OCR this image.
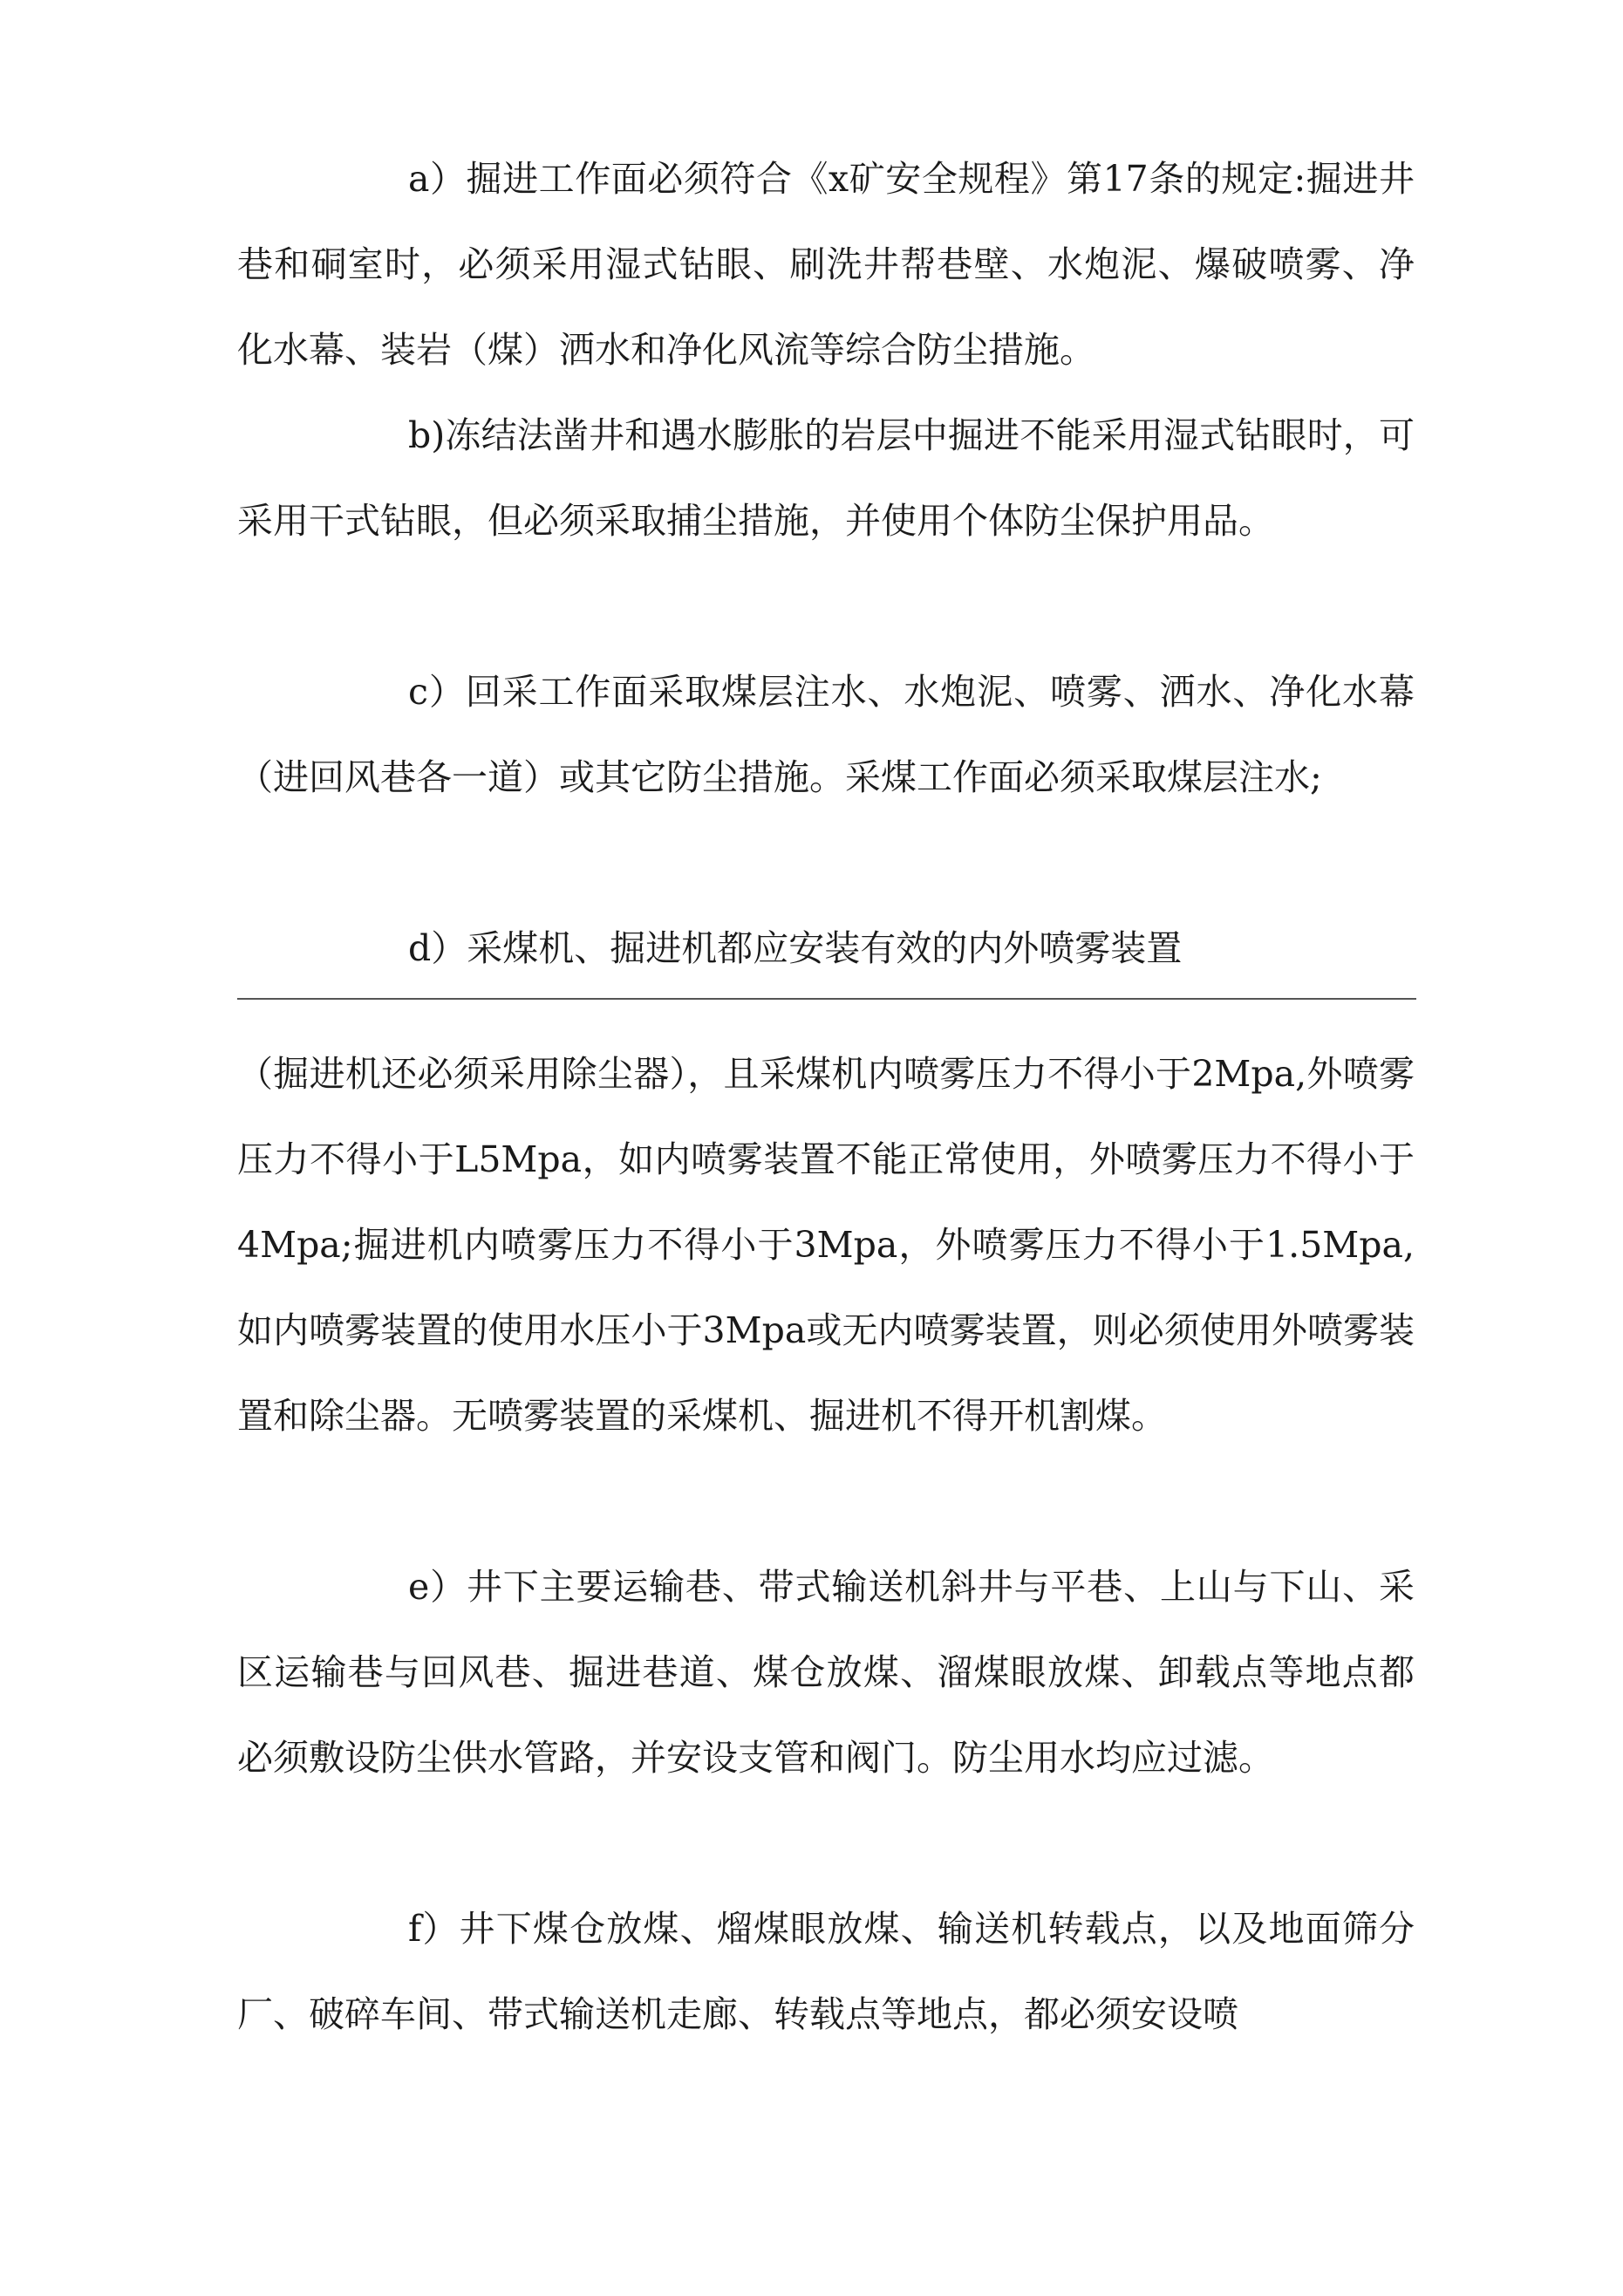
a）掘进工作面必须符合《x矿安全规程》第17条的规定:掘进井巷和硐室时，必须采用湿式钻眼、刷洗井帮巷壁、水炮泥、爆破喷雾、净化水幕、装岩（煤）洒水和净化风流等综合防尘措施。

b)冻结法凿井和遇水膨胀的岩层中掘进不能采用湿式钻眼时，可采用干式钻眼，但必须采取捕尘措施，并使用个体防尘保护用品。

c）回采工作面采取煤层注水、水炮泥、喷雾、洒水、净化水幕（进回风巷各一道）或其它防尘措施。采煤工作面必须采取煤层注水;

d）采煤机、掘进机都应安装有效的内外喷雾装置

（掘进机还必须采用除尘器），且采煤机内喷雾压力不得小于2Mpa,外喷雾压力不得小于L5Mpa，如内喷雾装置不能正常使用，外喷雾压力不得小于4Mpa;掘进机内喷雾压力不得小于3Mpa，外喷雾压力不得小于1.5Mpa,如内喷雾装置的使用水压小于3Mpa或无内喷雾装置，则必须使用外喷雾装置和除尘器。无喷雾装置的采煤机、掘进机不得开机割煤。

e）井下主要运输巷、带式输送机斜井与平巷、上山与下山、采区运输巷与回风巷、掘进巷道、煤仓放煤、溜煤眼放煤、卸载点等地点都必须敷设防尘供水管路，并安设支管和阀门。防尘用水均应过滤。

f）井下煤仓放煤、熘煤眼放煤、输送机转载点，以及地面筛分厂、破碎车间、带式输送机走廊、转载点等地点，都必须安设喷
